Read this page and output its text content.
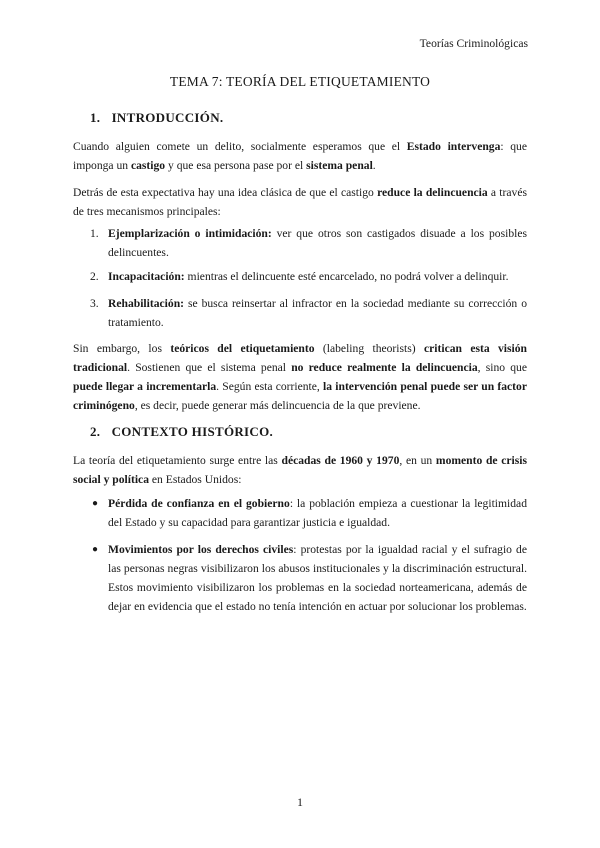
Teorías Criminológicas
TEMA 7: TEORÍA DEL ETIQUETAMIENTO
1. INTRODUCCIÓN.
Cuando alguien comete un delito, socialmente esperamos que el Estado intervenga: que imponga un castigo y que esa persona pase por el sistema penal.
Detrás de esta expectativa hay una idea clásica de que el castigo reduce la delincuencia a través de tres mecanismos principales:
1. Ejemplarización o intimidación: ver que otros son castigados disuade a los posibles delincuentes.
2. Incapacitación: mientras el delincuente esté encarcelado, no podrá volver a delinquir.
3. Rehabilitación: se busca reinsertar al infractor en la sociedad mediante su corrección o tratamiento.
Sin embargo, los teóricos del etiquetamiento (labeling theorists) critican esta visión tradicional. Sostienen que el sistema penal no reduce realmente la delincuencia, sino que puede llegar a incrementarla. Según esta corriente, la intervención penal puede ser un factor criminógeno, es decir, puede generar más delincuencia de la que previene.
2. CONTEXTO HISTÓRICO.
La teoría del etiquetamiento surge entre las décadas de 1960 y 1970, en un momento de crisis social y política en Estados Unidos:
● Pérdida de confianza en el gobierno: la población empieza a cuestionar la legitimidad del Estado y su capacidad para garantizar justicia e igualdad.
● Movimientos por los derechos civiles: protestas por la igualdad racial y el sufragio de las personas negras visibilizaron los abusos institucionales y la discriminación estructural. Estos movimiento visibilizaron los problemas en la sociedad norteamericana, además de dejar en evidencia que el estado no tenía intención en actuar por solucionar los problemas.
1
